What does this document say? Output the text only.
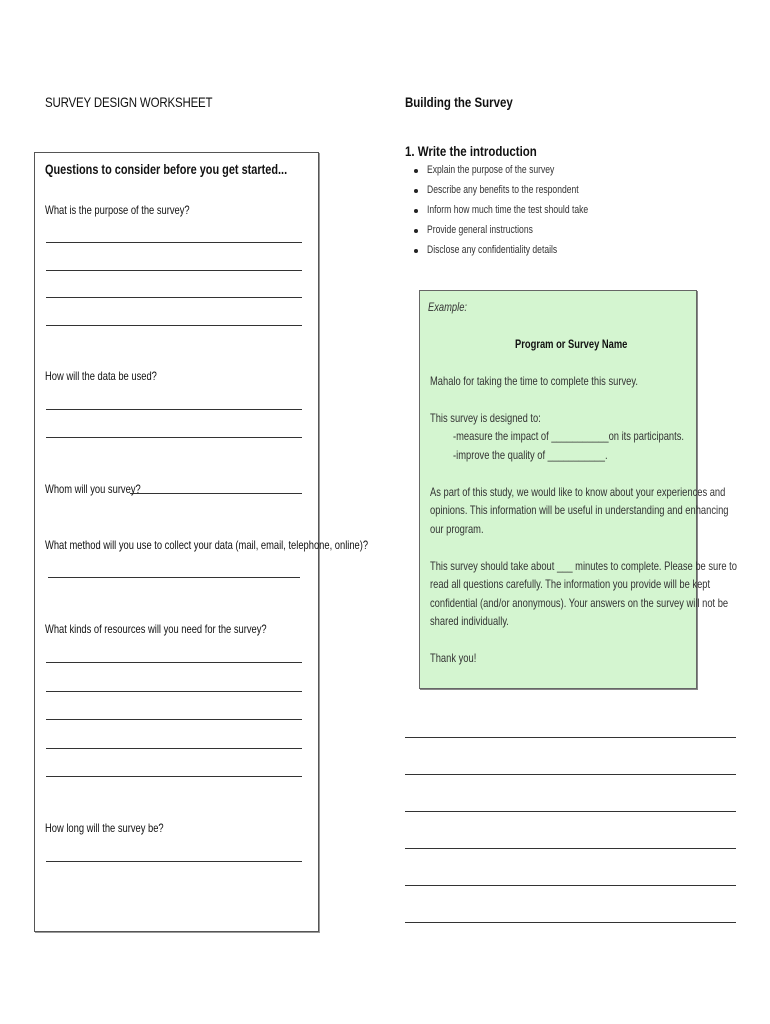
SURVEY DESIGN WORKSHEET	Building the Survey
Questions to consider before you get started...
What is the purpose of the survey?
How will the data be used?
Whom will you survey?
What method will you use to collect your data (mail, email, telephone, online)?
What kinds of resources will you need for the survey?
How long will the survey be?
1. Write the introduction
Explain the purpose of the survey
Describe any benefits to the respondent
Inform how much time the test should take
Provide general instructions
Disclose any confidentiality details
Example:
Program or Survey Name
Mahalo for taking the time to complete this survey.
This survey is designed to:
-measure the impact of ___________on its participants.
-improve the quality of ___________.
As part of this study, we would like to know about your experiences and
opinions. This information will be useful in understanding and enhancing
our program.
This survey should take about ___ minutes to complete. Please be sure to
read all questions carefully. The information you provide will be kept
confidential (and/or anonymous). Your answers on the survey will not be
shared individually.
Thank you!
